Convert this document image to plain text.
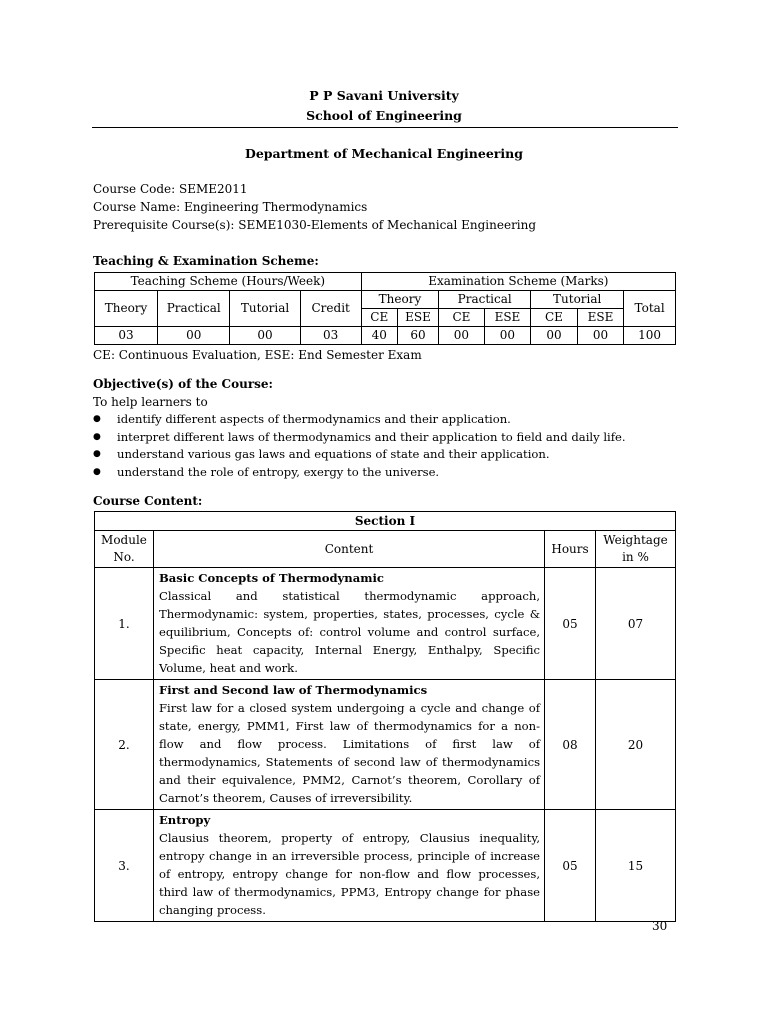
P P Savani University
School of Engineering
Department of Mechanical Engineering
Course Code: SEME2011
Course Name: Engineering Thermodynamics
Prerequisite Course(s): SEME1030-Elements of Mechanical Engineering
Teaching & Examination Scheme:
Teaching Scheme (Hours/Week)				Examination Scheme (Marks)						
Theory	Practical	Tutorial	Credit	Theory		Practical		Tutorial		Total
				CE	ESE	CE	ESE	CE	ESE	
03	00	00	03	40	60	00	00	00	00	100
CE: Continuous Evaluation, ESE: End Semester Exam
Objective(s) of the Course:
To help learners to
● identify different aspects of thermodynamics and their application.
● interpret different laws of thermodynamics and their application to field and daily life.
● understand various gas laws and equations of state and their application.
● understand the role of entropy, exergy to the universe.
Course Content:
Section I			
Module No.	Content	Hours	Weightage in %
1.	Basic Concepts of Thermodynamic
Classical and statistical thermodynamic approach, Thermodynamic: system, properties, states, processes, cycle & equilibrium, Concepts of: control volume and control surface, Specific heat capacity, Internal Energy, Enthalpy, Specific Volume, heat and work.	05	07
2.	First and Second law of Thermodynamics
First law for a closed system undergoing a cycle and change of state, energy, PMM1, First law of thermodynamics for a non-flow and flow process. Limitations of first law of thermodynamics, Statements of second law of thermodynamics and their equivalence, PMM2, Carnot’s theorem, Corollary of Carnot’s theorem, Causes of irreversibility.	08	20
3.	Entropy
Clausius theorem, property of entropy, Clausius inequality, entropy change in an irreversible process, principle of increase of entropy, entropy change for non-flow and flow processes, third law of thermodynamics, PPM3, Entropy change for phase changing process.	05	15
30
